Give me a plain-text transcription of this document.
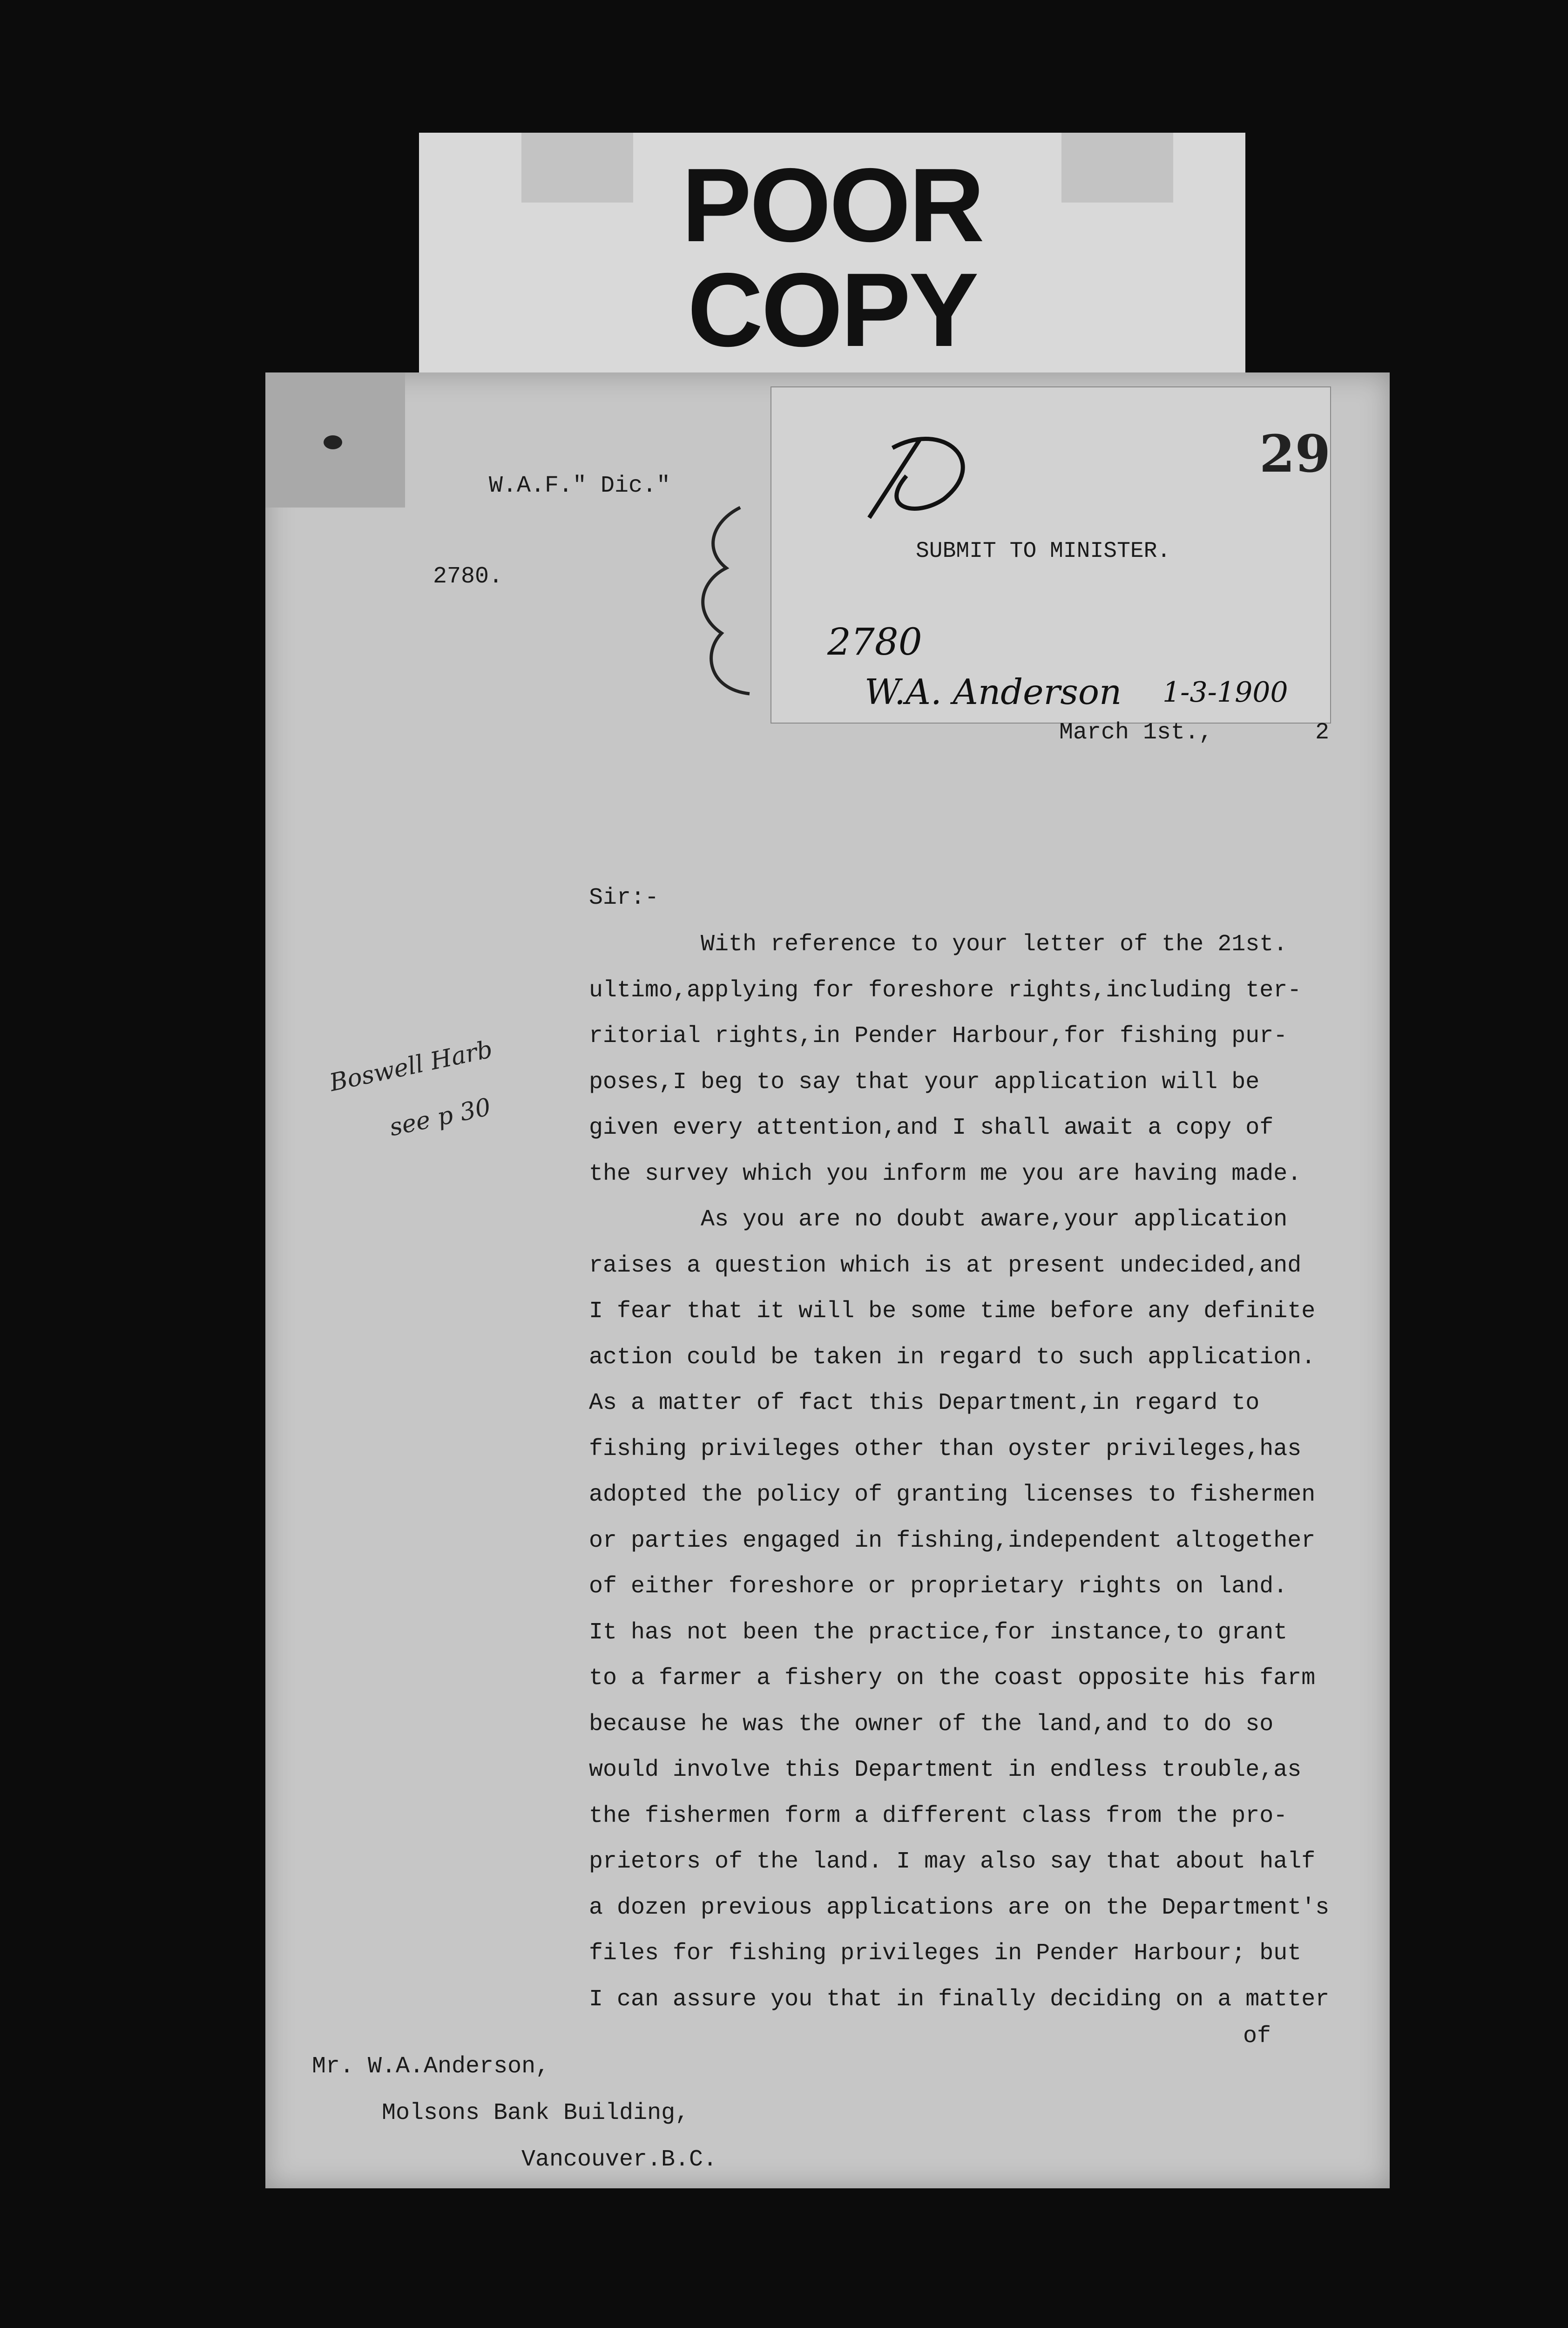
POOR
COPY
W.A.F." Dic."
2780.
SUBMIT TO MINISTER.
2780
W.A. Anderson 1-3-1900
29
March 1st.,	2
Sir:-
With reference to your letter of the 21st.
ultimo,applying for foreshore rights,including ter-
ritorial rights,in Pender Harbour,for fishing pur-
poses,I beg to say that your application will be
given every attention,and I shall await a copy of
the survey which you inform me you are having made.
As you are no doubt aware,your application
raises a question which is at present undecided,and
I fear that it will be some time before any definite
action could be taken in regard to such application.
As a matter of fact this Department,in regard to
fishing privileges other than oyster privileges,has
adopted the policy of granting licenses to fishermen
or parties engaged in fishing,independent altogether
of either foreshore or proprietary rights on land.
It has not been the practice,for instance,to grant
to a farmer a fishery on the coast opposite his farm
because he was the owner of the land,and to do so
would involve this Department in endless trouble,as
the fishermen form a different class from the pro-
prietors of the land. I may also say that about half
a dozen previous applications are on the Department's
files for fishing privileges in Pender Harbour; but
I can assure you that in finally deciding on a matter
Boswell Harb
see p 30
of
Mr. W.A.Anderson,
Molsons Bank Building,
Vancouver.B.C.
